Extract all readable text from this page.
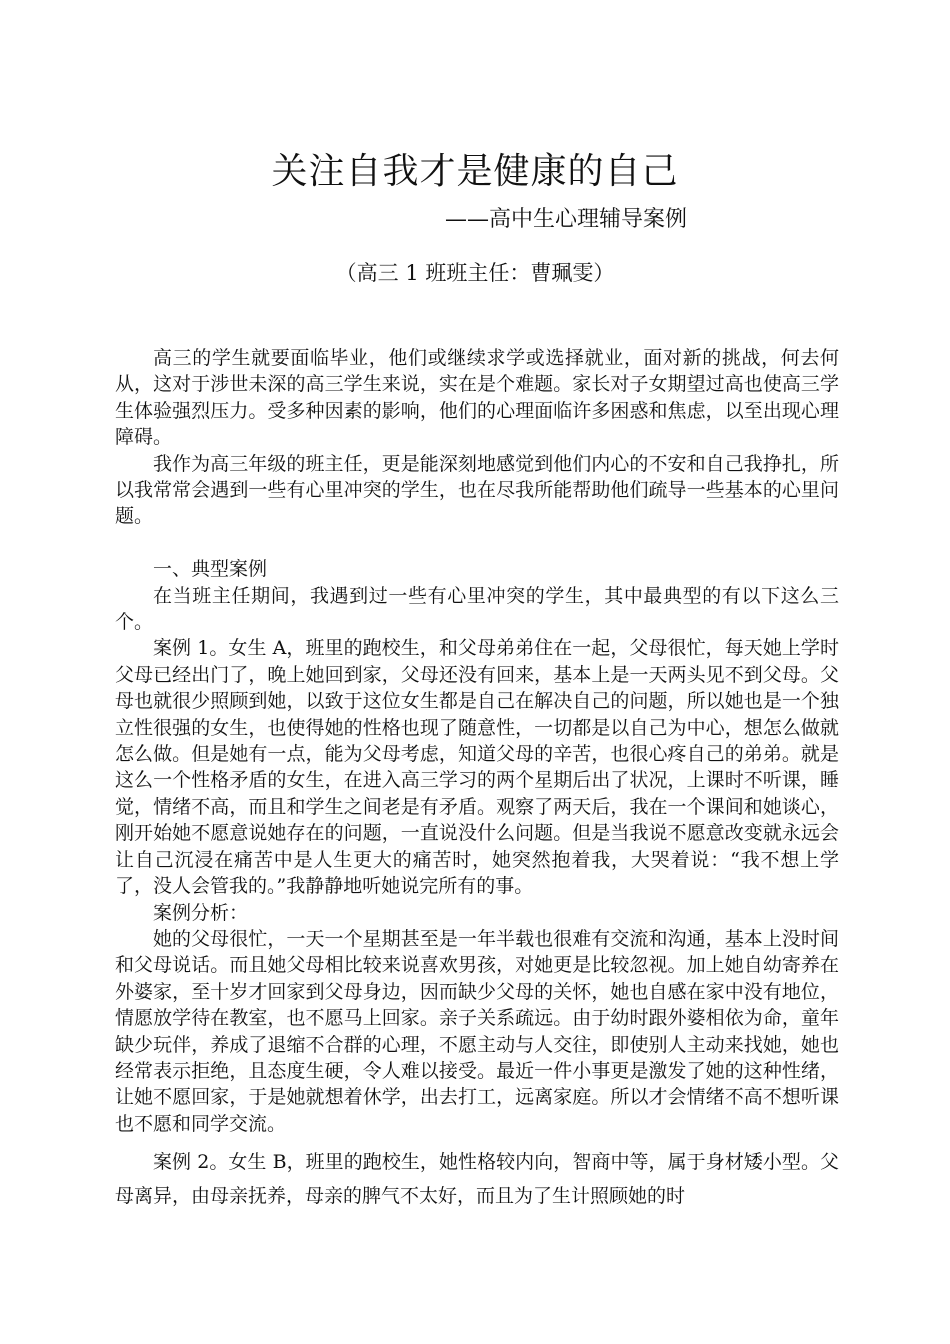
关注自我才是健康的自己
——高中生心理辅导案例
（高三 1 班班主任：曹珮雯）

高三的学生就要面临毕业，他们或继续求学或选择就业，面对新的挑战，何去何从，这对于涉世未深的高三学生来说，实在是个难题。家长对子女期望过高也使高三学生体验强烈压力。受多种因素的影响，他们的心理面临许多困惑和焦虑，以至出现心理障碍。

我作为高三年级的班主任，更是能深刻地感觉到他们内心的不安和自己我挣扎，所以我常常会遇到一些有心里冲突的学生，也在尽我所能帮助他们疏导一些基本的心里问题。

一、典型案例

在当班主任期间，我遇到过一些有心里冲突的学生，其中最典型的有以下这么三个。

案例 1。女生 A，班里的跑校生，和父母弟弟住在一起，父母很忙，每天她上学时父母已经出门了，晚上她回到家，父母还没有回来，基本上是一天两头见不到父母。父母也就很少照顾到她，以致于这位女生都是自己在解决自己的问题，所以她也是一个独立性很强的女生，也使得她的性格也现了随意性，一切都是以自己为中心，想怎么做就怎么做。但是她有一点，能为父母考虑，知道父母的辛苦，也很心疼自己的弟弟。就是这么一个性格矛盾的女生，在进入高三学习的两个星期后出了状况，上课时不听课，睡觉，情绪不高，而且和学生之间老是有矛盾。观察了两天后，我在一个课间和她谈心，刚开始她不愿意说她存在的问题，一直说没什么问题。但是当我说不愿意改变就永远会让自己沉浸在痛苦中是人生更大的痛苦时，她突然抱着我，大哭着说：“我不想上学了，没人会管我的。”我静静地听她说完所有的事。

案例分析：

她的父母很忙，一天一个星期甚至是一年半载也很难有交流和沟通，基本上没时间和父母说话。而且她父母相比较来说喜欢男孩，对她更是比较忽视。加上她自幼寄养在外婆家，至十岁才回家到父母身边，因而缺少父母的关怀，她也自感在家中没有地位，情愿放学待在教室，也不愿马上回家。亲子关系疏远。由于幼时跟外婆相依为命，童年缺少玩伴，养成了退缩不合群的心理，不愿主动与人交往，即使别人主动来找她，她也经常表示拒绝，且态度生硬，令人难以接受。最近一件小事更是激发了她的这种性绪，让她不愿回家，于是她就想着休学，出去打工，远离家庭。所以才会情绪不高不想听课也不愿和同学交流。

案例 2。女生 B，班里的跑校生，她性格较内向，智商中等，属于身材矮小型。父母离异，由母亲抚养，母亲的脾气不太好，而且为了生计照顾她的时
